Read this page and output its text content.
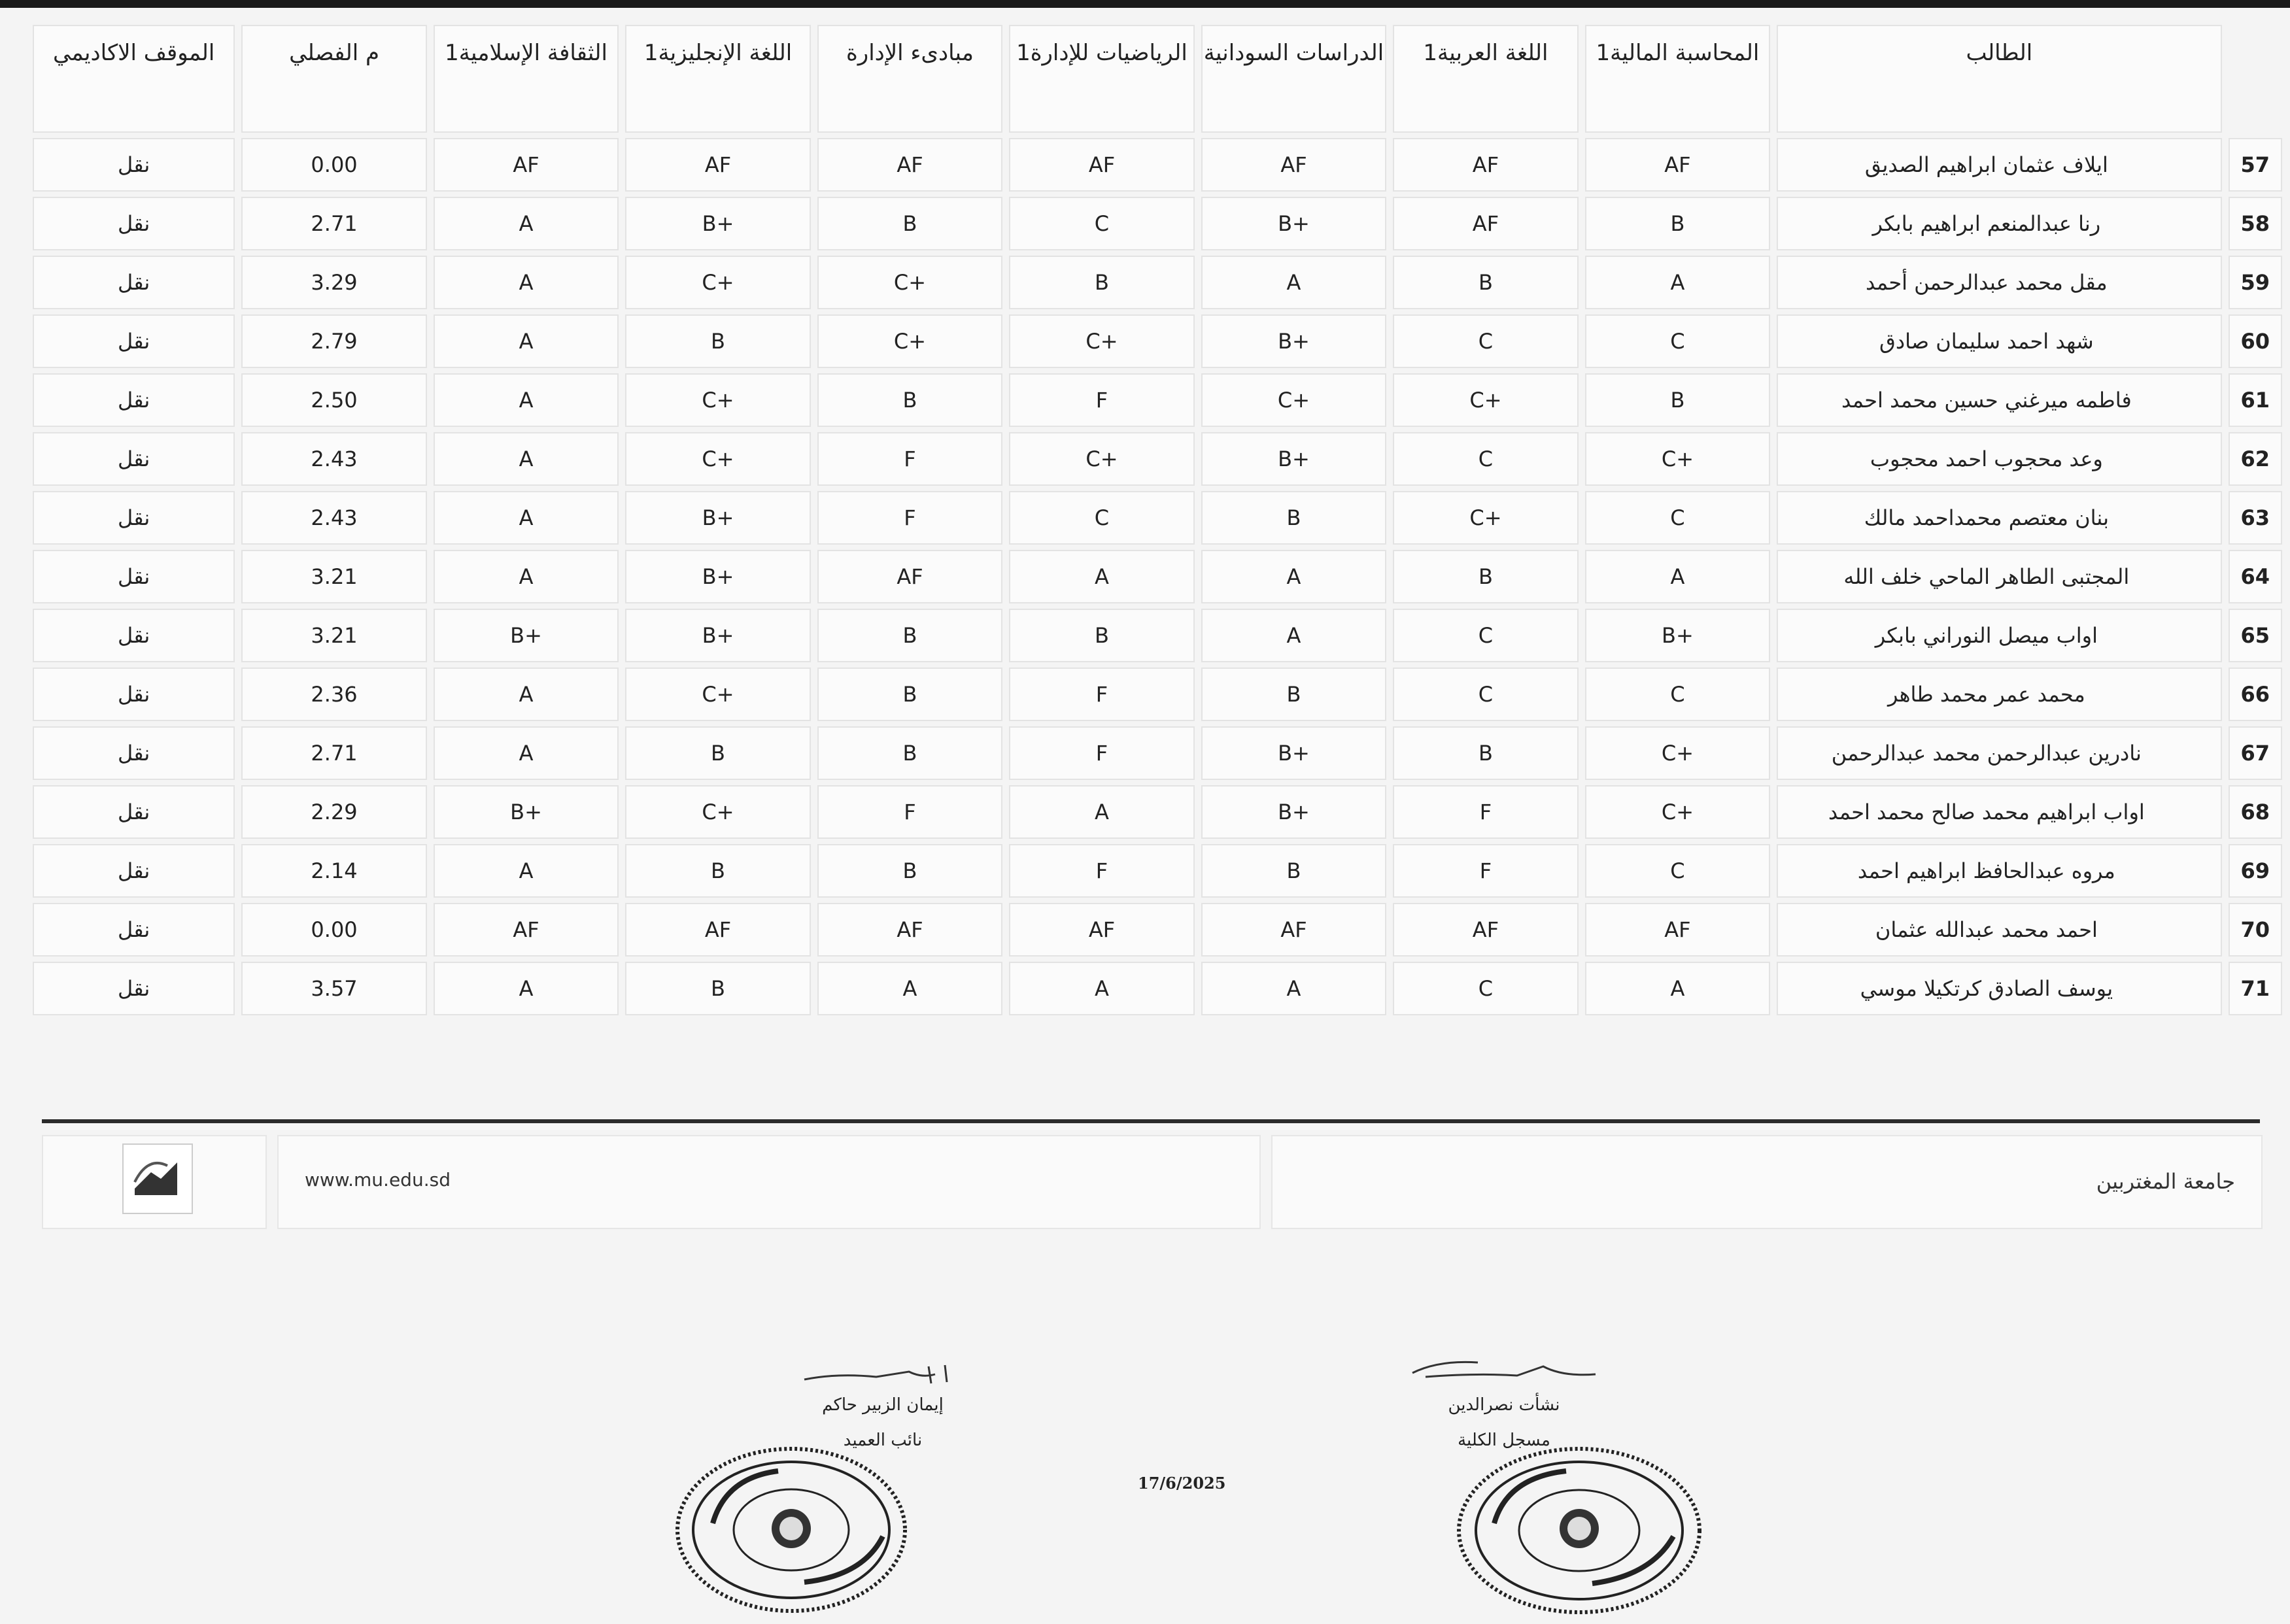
	الطالب	المحاسبة المالية1	اللغة العربية1	الدراسات السودانية	الرياضيات للإدارة1	مبادىء الإدارة	اللغة الإنجليزية1	الثقافة الإسلامية1	م الفصلي	الموقف الاكاديمي
57	ايلاف عثمان ابراهيم الصديق	AF	AF	AF	AF	AF	AF	AF	0.00	نقل
58	رنا عبدالمنعم ابراهيم بابكر	B	AF	+B	C	B	+B	A	2.71	نقل
59	مقل محمد عبدالرحمن أحمد	A	B	A	B	+C	+C	A	3.29	نقل
60	شهد احمد سليمان صادق	C	C	+B	+C	+C	B	A	2.79	نقل
61	فاطمه ميرغني حسين محمد احمد	B	+C	+C	F	B	+C	A	2.50	نقل
62	وعد محجوب احمد محجوب	+C	C	+B	+C	F	+C	A	2.43	نقل
63	بنان معتصم محمداحمد مالك	C	+C	B	C	F	+B	A	2.43	نقل
64	المجتبى الطاهر الماحي خلف الله	A	B	A	A	AF	+B	A	3.21	نقل
65	اواب ميصل النوراني بابكر	+B	C	A	B	B	+B	+B	3.21	نقل
66	محمد عمر محمد طاهر	C	C	B	F	B	+C	A	2.36	نقل
67	نادرين عبدالرحمن محمد عبدالرحمن	+C	B	+B	F	B	B	A	2.71	نقل
68	اواب ابراهيم محمد صالح محمد احمد	+C	F	+B	A	F	+C	+B	2.29	نقل
69	مروه عبدالحافظ ابراهيم احمد	C	F	B	F	B	B	A	2.14	نقل
70	احمد محمد عبدالله عثمان	AF	AF	AF	AF	AF	AF	AF	0.00	نقل
71	يوسف الصادق كرتكيلا موسي	A	C	A	A	A	B	A	3.57	نقل
www.mu.edu.sd	جامعة المغتربين
إيمان الزبير حاكم
نائب العميد
نشأت نصرالدين
مسجل الكلية
17/6/2025
